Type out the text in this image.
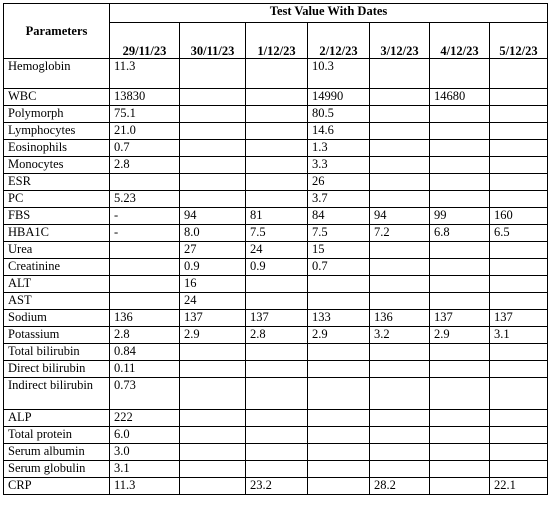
Parameters	Test Value With Dates						
	29/11/23	30/11/23	1/12/23	2/12/23	3/12/23	4/12/23	5/12/23
Hemoglobin	11.3			10.3			
WBC	13830			14990		14680	
Polymorph	75.1			80.5			
Lymphocytes	21.0			14.6			
Eosinophils	0.7			1.3			
Monocytes	2.8			3.3			
ESR				26			
PC	5.23			3.7			
FBS	-	94	81	84	94	99	160
HBA1C	-	8.0	7.5	7.5	7.2	6.8	6.5
Urea		27	24	15			
Creatinine		0.9	0.9	0.7			
ALT		16					
AST		24					
Sodium	136	137	137	133	136	137	137
Potassium	2.8	2.9	2.8	2.9	3.2	2.9	3.1
Total bilirubin	0.84						
Direct bilirubin	0.11						
Indirect bilirubin	0.73						
ALP	222						
Total protein	6.0						
Serum albumin	3.0						
Serum globulin	3.1						
CRP	11.3		23.2		28.2		22.1
